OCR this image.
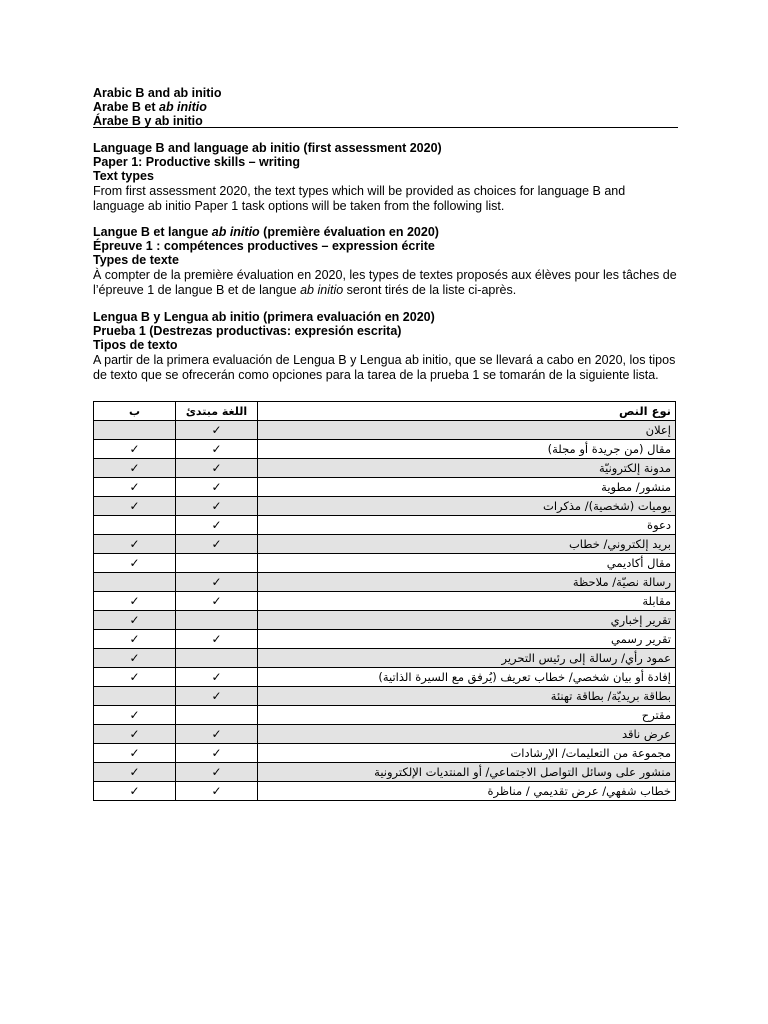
Arabic B and ab initio
Arabe B et ab initio
Árabe B y ab initio
Language B and language ab initio (first assessment 2020)
Paper 1: Productive skills – writing
Text types
From first assessment 2020, the text types which will be provided as choices for language B and language ab initio Paper 1 task options will be taken from the following list.
Langue B et langue ab initio (première évaluation en 2020)
Épreuve 1 : compétences productives – expression écrite
Types de texte
À compter de la première évaluation en 2020, les types de textes proposés aux élèves pour les tâches de l’épreuve 1 de langue B et de langue ab initio seront tirés de la liste ci-après.
Lengua B y Lengua ab initio (primera evaluación en 2020)
Prueba 1 (Destrezas productivas: expresión escrita)
Tipos de texto
A partir de la primera evaluación de Lengua B y Lengua ab initio, que se llevará a cabo en 2020, los tipos de texto que se ofrecerán como opciones para la tarea de la prueba 1 se tomarán de la siguiente lista.
ب	اللغة مبتدئ	نوع النص
	✓	إعلان
✓	✓	مقال (من جريدة أو مجلة)
✓	✓	مدونة إلكترونيّة
✓	✓	منشور/ مطوية
✓	✓	يوميات (شخصية)/ مذكرات
	✓	دعوة
✓	✓	بريد إلكتروني/ خطاب
✓		مقال أكاديمي
	✓	رسالة نصيّة/ ملاحظة
✓	✓	مقابلة
✓		تقرير إخباري
✓	✓	تقرير رسمي
✓		عمود رأي/ رسالة إلى رئيس التحرير
✓	✓	إفادة أو بيان شخصي/ خطاب تعريف (يُرفق مع السيرة الذاتية)
	✓	بطاقة بريديّة/ بطاقة تهنئة
✓		مقترح
✓	✓	عرض ناقد
✓	✓	مجموعة من التعليمات/ الإرشادات
✓	✓	منشور على وسائل التواصل الاجتماعي/ أو المنتديات الإلكترونية
✓	✓	خطاب شفهي/ عرض تقديمي / مناظرة
